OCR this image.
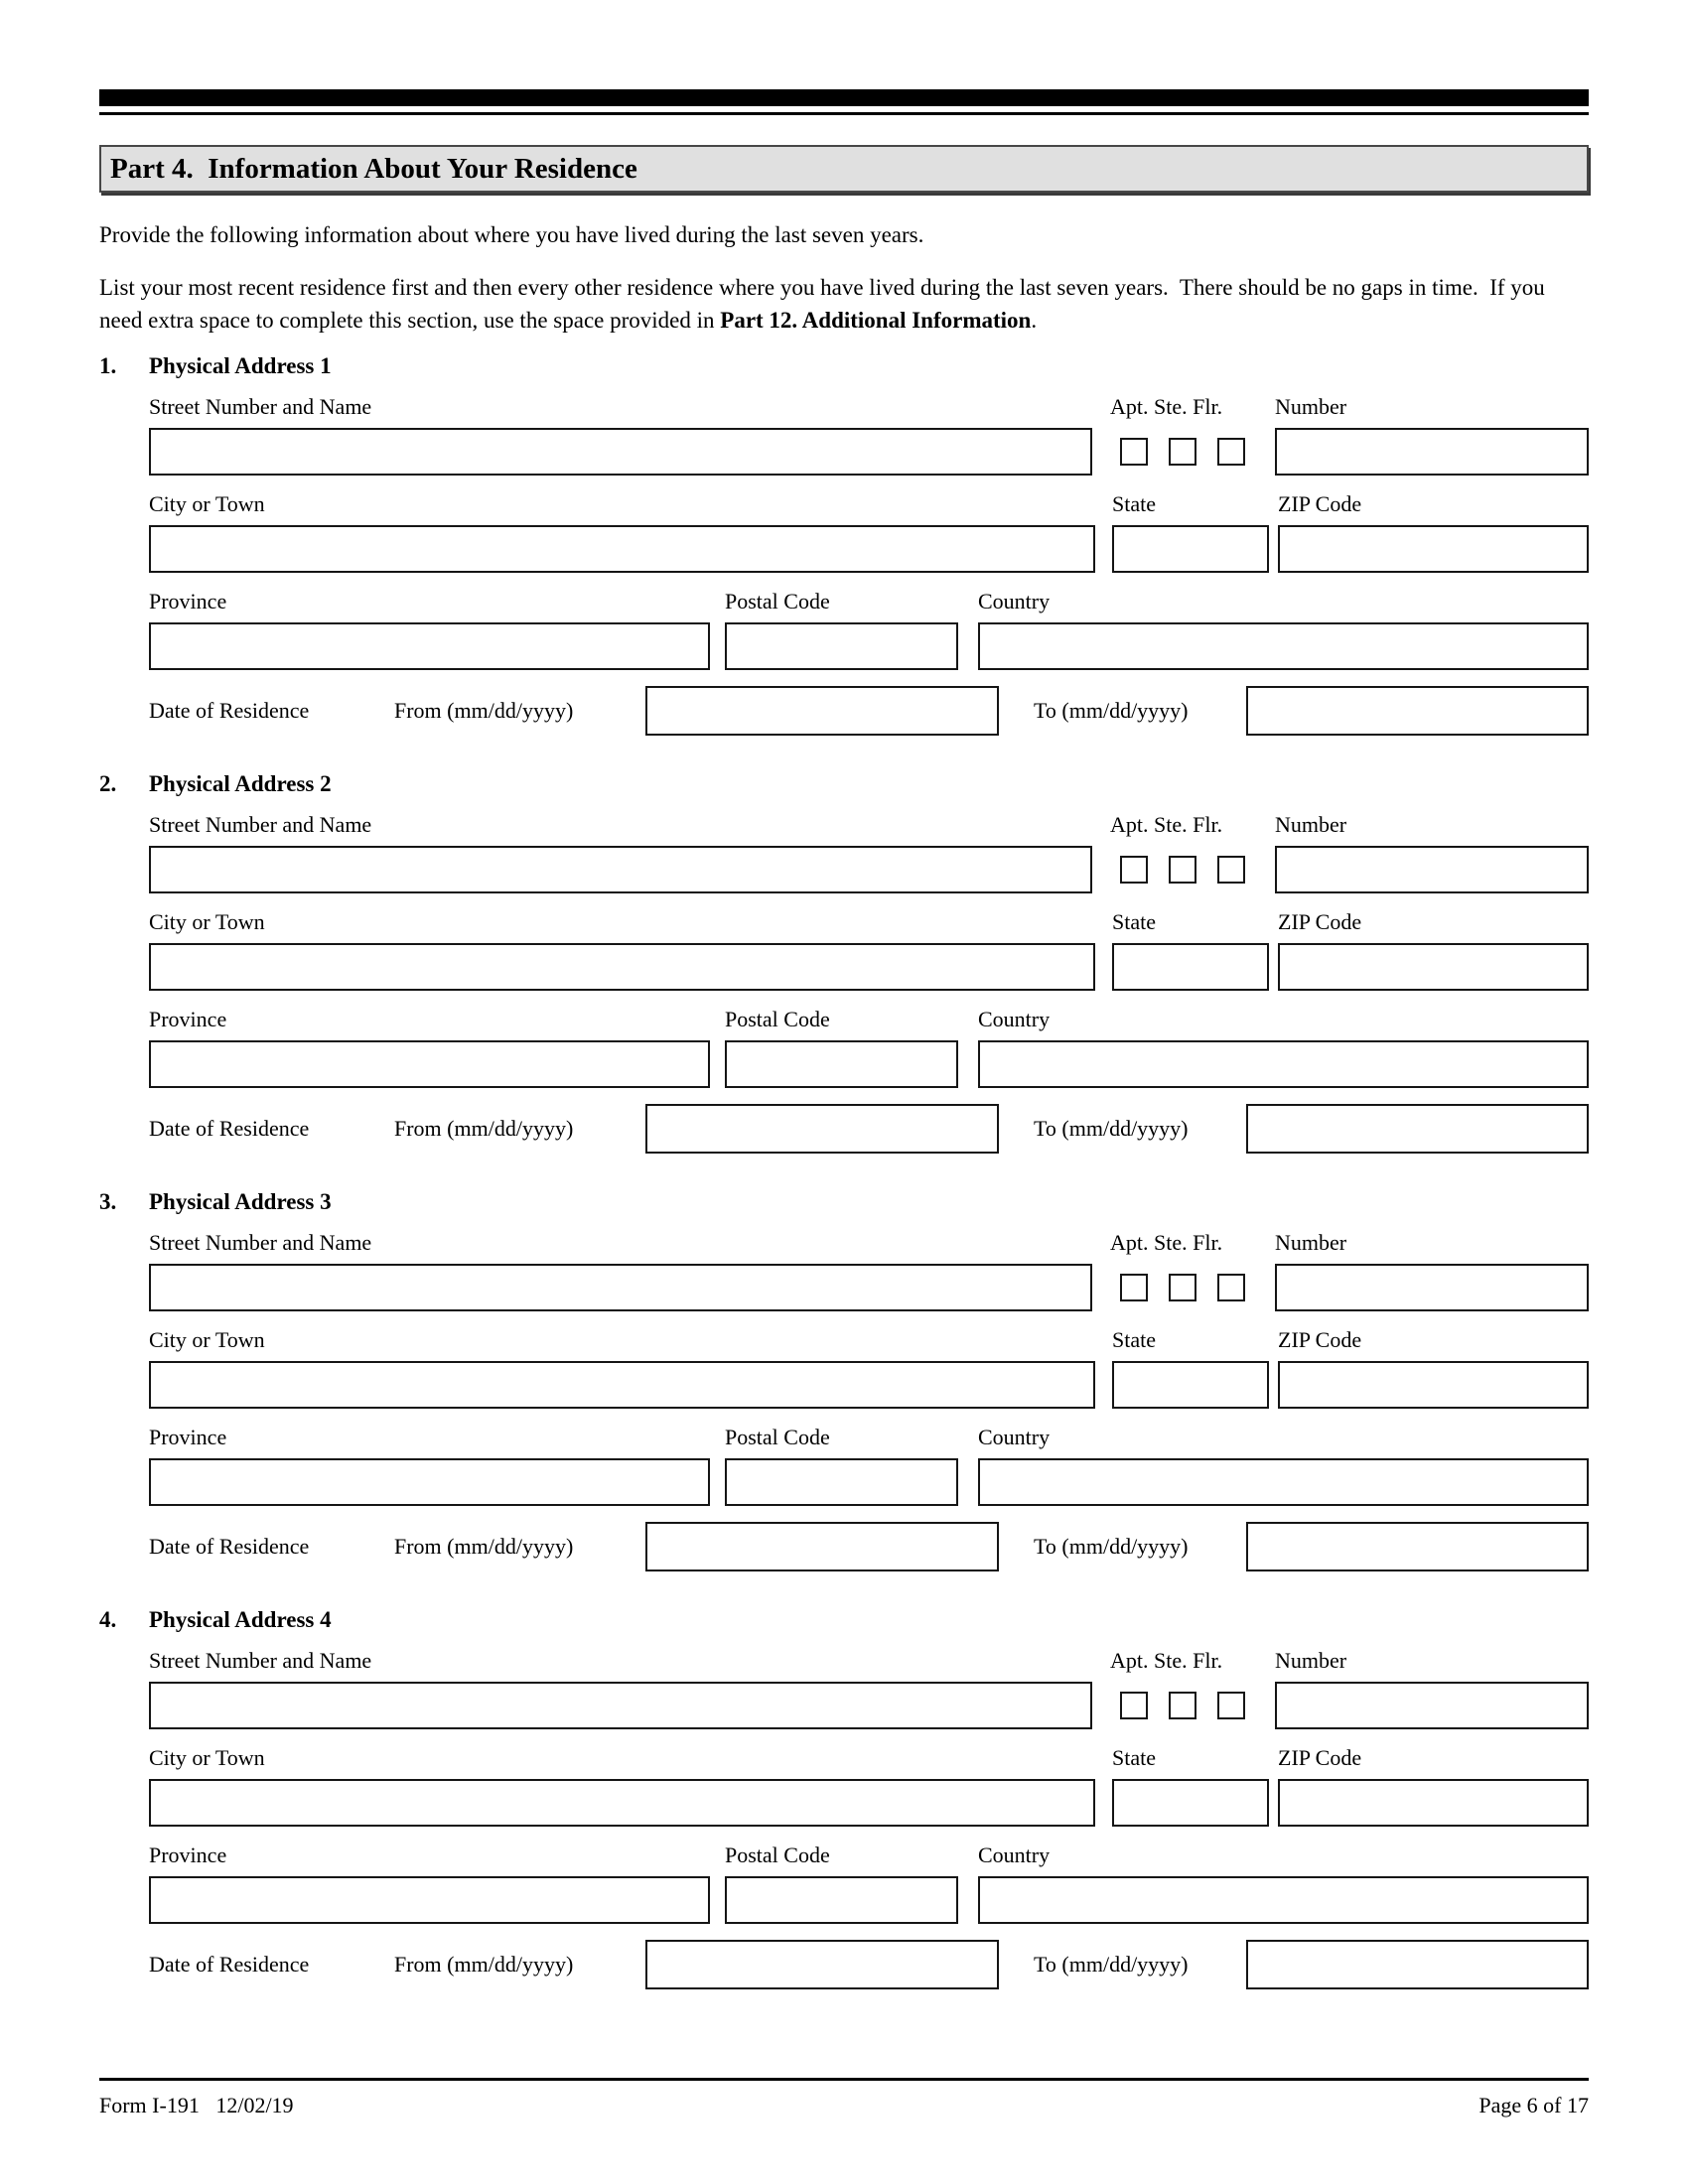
Part 4.  Information About Your Residence

Provide the following information about where you have lived during the last seven years.

List your most recent residence first and then every other residence where you have lived during the last seven years.  There should be no gaps in time.  If you need extra space to complete this section, use the space provided in Part 12. Additional Information.

1.	Physical Address 1
Street Number and Name	Apt. Ste. Flr.	Number
City or Town	State	ZIP Code
Province	Postal Code	Country
Date of Residence	From (mm/dd/yyyy)	To (mm/dd/yyyy)
2.	Physical Address 2
Street Number and Name	Apt. Ste. Flr.	Number
City or Town	State	ZIP Code
Province	Postal Code	Country
Date of Residence	From (mm/dd/yyyy)	To (mm/dd/yyyy)
3.	Physical Address 3
Street Number and Name	Apt. Ste. Flr.	Number
City or Town	State	ZIP Code
Province	Postal Code	Country
Date of Residence	From (mm/dd/yyyy)	To (mm/dd/yyyy)
4.	Physical Address 4
Street Number and Name	Apt. Ste. Flr.	Number
City or Town	State	ZIP Code
Province	Postal Code	Country
Date of Residence	From (mm/dd/yyyy)	To (mm/dd/yyyy)
Form I-191   12/02/19	Page 6 of 17
